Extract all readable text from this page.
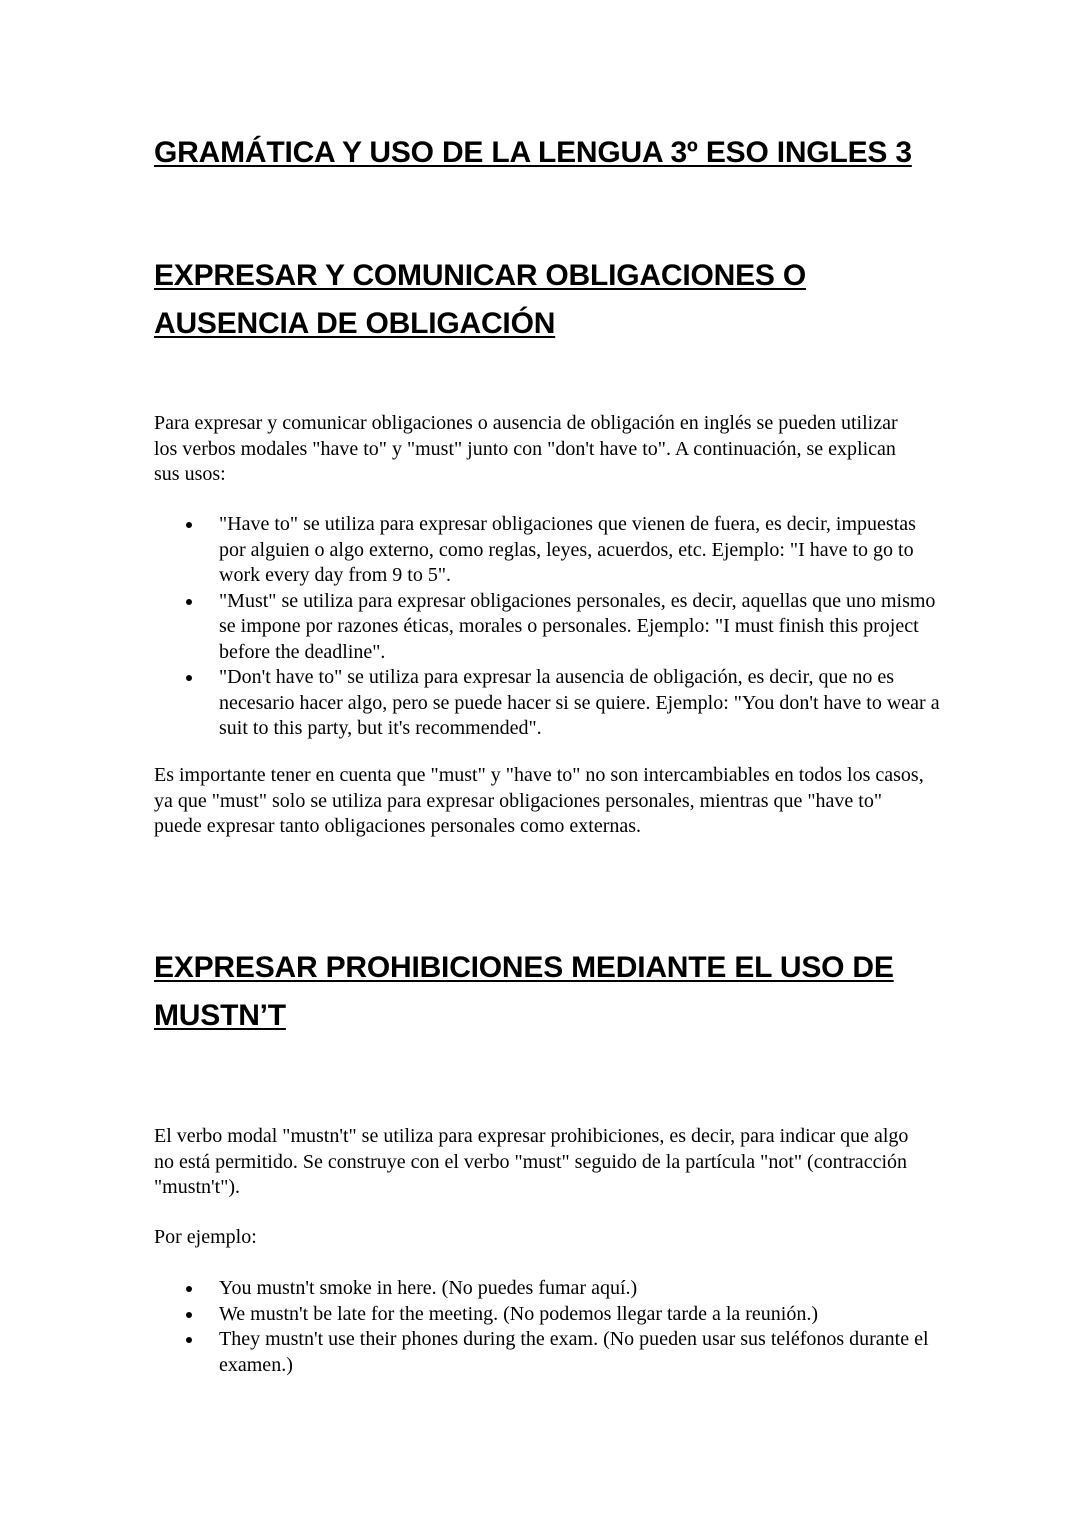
GRAMÁTICA Y USO DE LA LENGUA 3º ESO INGLES 3
EXPRESAR Y COMUNICAR OBLIGACIONES O AUSENCIA DE OBLIGACIÓN

Para expresar y comunicar obligaciones o ausencia de obligación en inglés se pueden utilizar los verbos modales "have to" y "must" junto con "don't have to". A continuación, se explican sus usos:

"Have to" se utiliza para expresar obligaciones que vienen de fuera, es decir, impuestas por alguien o algo externo, como reglas, leyes, acuerdos, etc. Ejemplo: "I have to go to work every day from 9 to 5".
"Must" se utiliza para expresar obligaciones personales, es decir, aquellas que uno mismo se impone por razones éticas, morales o personales. Ejemplo: "I must finish this project before the deadline".
"Don't have to" se utiliza para expresar la ausencia de obligación, es decir, que no es necesario hacer algo, pero se puede hacer si se quiere. Ejemplo: "You don't have to wear a suit to this party, but it's recommended".

Es importante tener en cuenta que "must" y "have to" no son intercambiables en todos los casos, ya que "must" solo se utiliza para expresar obligaciones personales, mientras que "have to" puede expresar tanto obligaciones personales como externas.

EXPRESAR PROHIBICIONES MEDIANTE EL USO DE MUSTN’T

El verbo modal "mustn't" se utiliza para expresar prohibiciones, es decir, para indicar que algo no está permitido. Se construye con el verbo "must" seguido de la partícula "not" (contracción "mustn't").

Por ejemplo:

You mustn't smoke in here. (No puedes fumar aquí.)
We mustn't be late for the meeting. (No podemos llegar tarde a la reunión.)
They mustn't use their phones during the exam. (No pueden usar sus teléfonos durante el examen.)
